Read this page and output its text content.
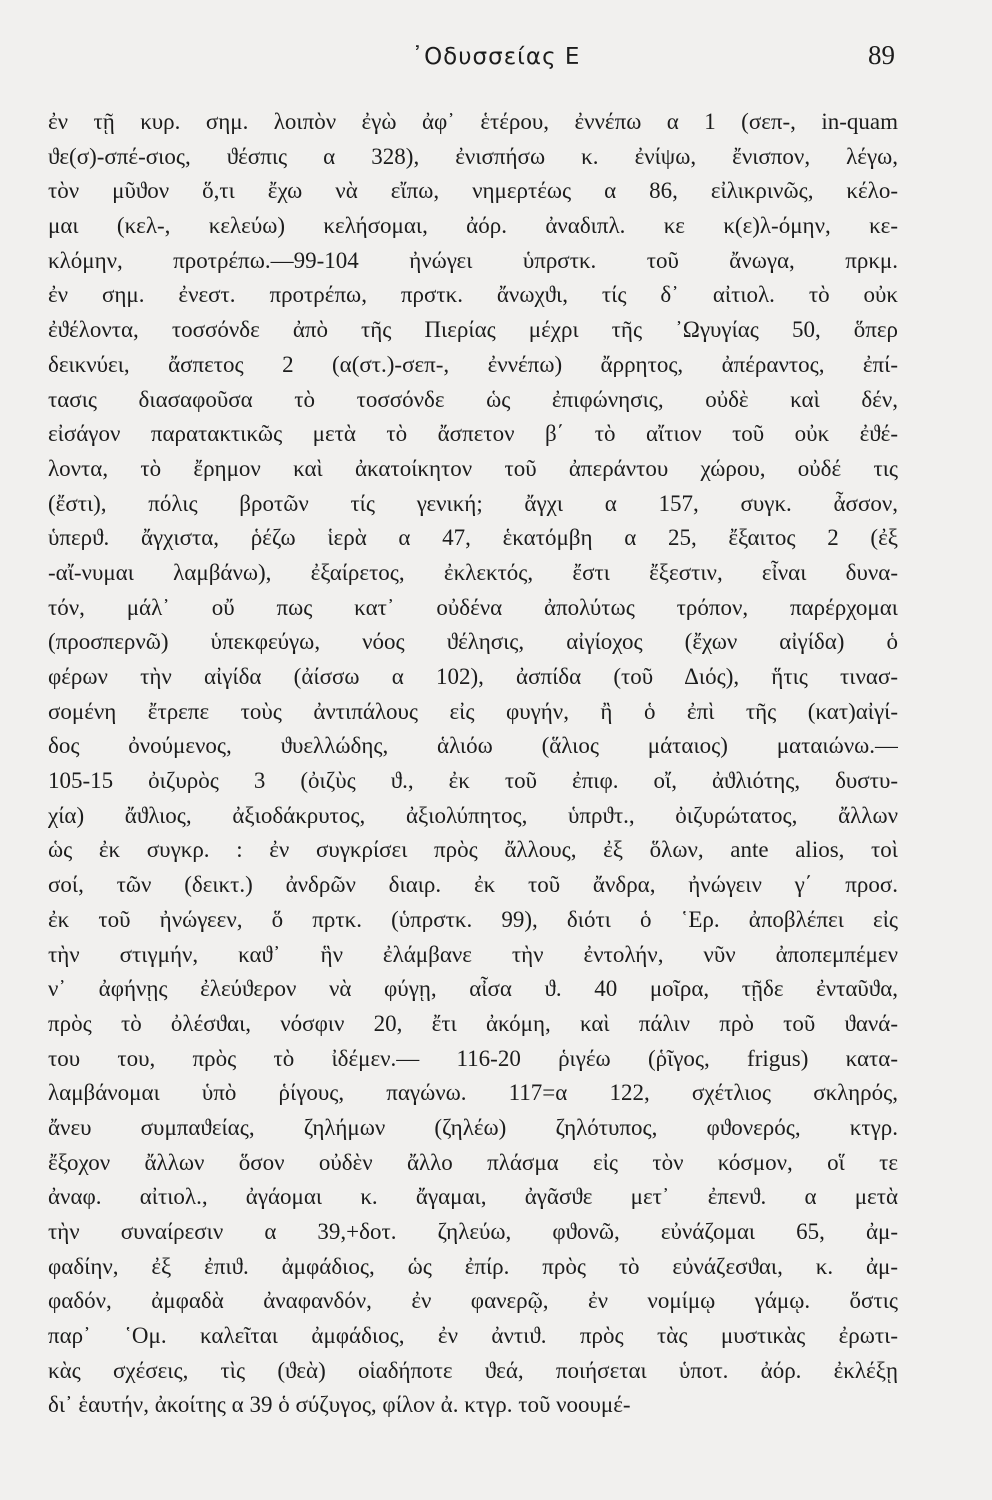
᾿Οδυσσείας Ε	89
ἐν τῇ κυρ. σημ. λοιπὸν ἐγὼ ἀφ᾽ ἑτέρου, ἐννέπω α 1 (σεπ-, in-quam
ϑε(σ)-σπέ-σιος, ϑέσπις α 328), ἐνισπήσω κ. ἐνίψω, ἔνισπον, λέγω,
τὸν μῦϑον ὅ,τι ἔχω νὰ εἴπω, νημερτέως α 86, εἰλικρινῶς, κέλο-
μαι (κελ-, κελεύω) κελήσομαι, ἀόρ. ἀναδιπλ. κε κ(ε)λ-όμην, κε-
κλόμην, προτρέπω.—99-104 ἠνώγει ὑπρστκ. τοῦ ἄνωγα, πρκμ.
ἐν σημ. ἐνεστ. προτρέπω, πρστκ. ἄνωχϑι, τίς δ᾽ αἰτιολ. τὸ οὐκ
ἐϑέλοντα, τοσσόνδε ἀπὸ τῆς Πιερίας μέχρι τῆς ᾿Ωγυγίας 50, ὅπερ
δεικνύει, ἄσπετος 2 (α(στ.)-σεπ-, ἐννέπω) ἄρρητος, ἀπέραντος, ἐπί-
τασις διασαφοῦσα τὸ τοσσόνδε ὡς ἐπιφώνησις, οὐδὲ καὶ δέν,
εἰσάγον παρατακτικῶς μετὰ τὸ ἄσπετον β΄ τὸ αἴτιον τοῦ οὐκ ἐϑέ-
λοντα, τὸ ἔρημον καὶ ἀκατοίκητον τοῦ ἀπεράντου χώρου, οὐδέ τις
(ἔστι), πόλις βροτῶν τίς γενική; ἄγχι α 157, συγκ. ἆσσον,
ὑπερϑ. ἄγχιστα, ῥέζω ἱερὰ α 47, ἑκατόμβη α 25, ἔξαιτος 2 (ἐξ
-αἴ-νυμαι λαμβάνω), ἐξαίρετος, ἐκλεκτός, ἔστι ἔξεστιν, εἶναι δυνα-
τόν, μάλ᾽ οὔ πως κατ᾽ οὐδένα ἀπολύτως τρόπον, παρέρχομαι
(προσπερνῶ) ὑπεκφεύγω, νόος ϑέλησις, αἰγίοχος (ἔχων αἰγίδα) ὁ
φέρων τὴν αἰγίδα (ἀίσσω α 102), ἀσπίδα (τοῦ Διός), ἥτις τινασ-
σομένη ἔτρεπε τοὺς ἀντιπάλους εἰς φυγήν, ἢ ὁ ἐπὶ τῆς (κατ)αἰγί-
δος ὀνούμενος, ϑυελλώδης, ἁλιόω (ἅλιος μάταιος) ματαιώνω.—
105-15 ὀιζυρὸς 3 (ὀιζὺς ϑ., ἐκ τοῦ ἐπιφ. οἴ, ἀϑλιότης, δυστυ-
χία) ἄϑλιος, ἀξιοδάκρυτος, ἀξιολύπητος, ὑπρϑτ., ὀιζυρώτατος, ἄλλων
ὡς ἐκ συγκρ. : ἐν συγκρίσει πρὸς ἄλλους, ἐξ ὅλων, ante alios, τοὶ
σοί, τῶν (δεικτ.) ἀνδρῶν διαιρ. ἐκ τοῦ ἄνδρα, ἠνώγειν γ΄ προσ.
ἐκ τοῦ ἠνώγεεν, ὅ πρτκ. (ὑπρστκ. 99), διότι ὁ ῾Ερ. ἀποβλέπει εἰς
τὴν στιγμήν, καϑ᾽ ἣν ἐλάμβανε τὴν ἐντολήν, νῦν ἀποπεμπέμεν
ν᾽ ἀφήνῃς ἐλεύϑερον νὰ φύγῃ, αἶσα ϑ. 40 μοῖρα, τῇδε ἐνταῦϑα,
πρὸς τὸ ὀλέσϑαι, νόσφιν 20, ἔτι ἀκόμη, καὶ πάλιν πρὸ τοῦ ϑανά-
του του, πρὸς τὸ ἰδέμεν.— 116-20 ῥιγέω (ῥῖγος, frigus) κατα-
λαμβάνομαι ὑπὸ ῥίγους, παγώνω. 117=α 122, σχέτλιος σκληρός,
ἄνευ συμπαϑείας, ζηλήμων (ζηλέω) ζηλότυπος, φϑονερός, κτγρ.
ἔξοχον ἄλλων ὅσον οὐδὲν ἄλλο πλάσμα εἰς τὸν κόσμον, οἵ τε
ἀναφ. αἰτιολ., ἀγάομαι κ. ἄγαμαι, ἀγᾶσϑε μετ᾽ ἐπενϑ. α μετὰ
τὴν συναίρεσιν α 39,+δοτ. ζηλεύω, φϑονῶ, εὐνάζομαι 65, ἀμ-
φαδίην, ἐξ ἐπιϑ. ἀμφάδιος, ὡς ἐπίρ. πρὸς τὸ εὐνάζεσϑαι, κ. ἀμ-
φαδόν, ἀμφαδὰ ἀναφανδόν, ἐν φανερῷ, ἐν νομίμῳ γάμῳ. ὅστις
παρ᾽ ῾Ομ. καλεῖται ἀμφάδιος, ἐν ἀντιϑ. πρὸς τὰς μυστικὰς ἐρωτι-
κὰς σχέσεις, τὶς (ϑεὰ) οἱαδήποτε ϑεά, ποιήσεται ὑποτ. ἀόρ. ἐκλέξῃ
δι᾽ ἑαυτήν, ἀκοίτης α 39 ὁ σύζυγος, φίλον ἀ. κτγρ. τοῦ νοουμέ-
